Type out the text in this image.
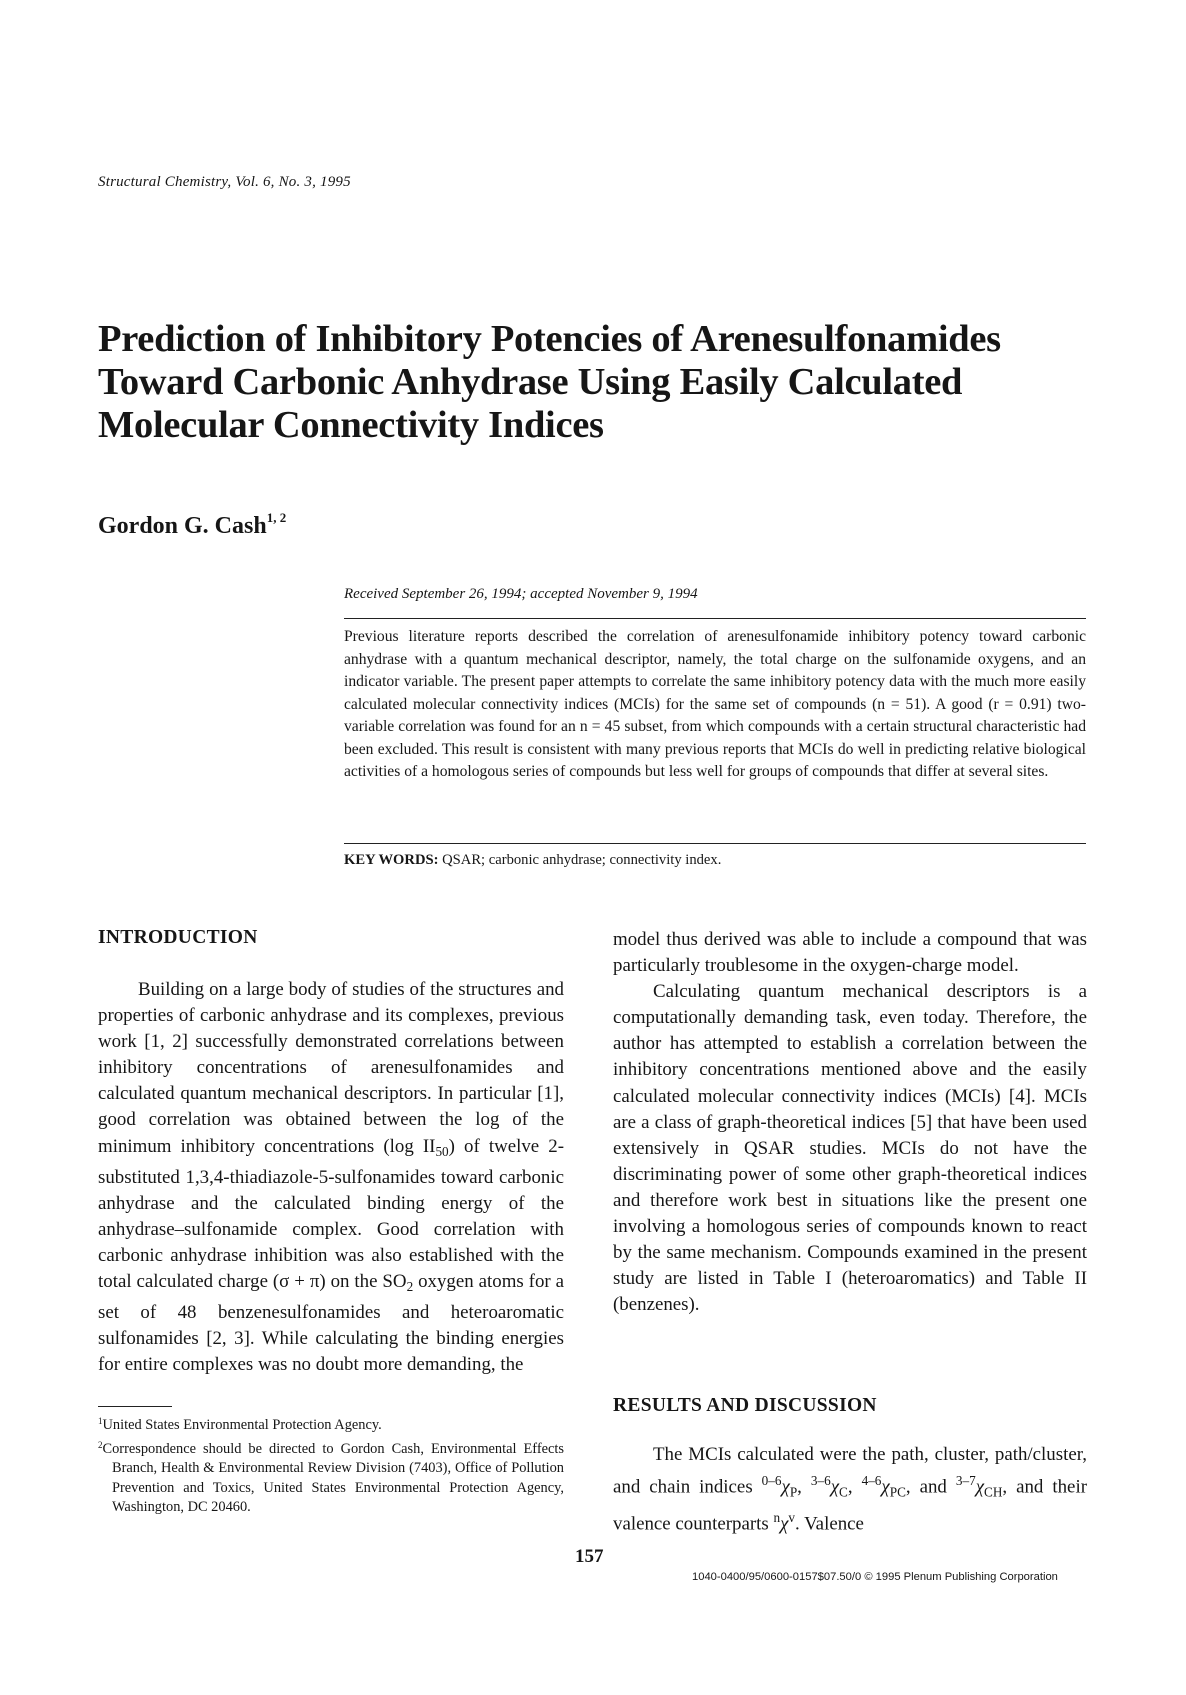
Structural Chemistry, Vol. 6, No. 3, 1995
Prediction of Inhibitory Potencies of Arenesulfonamides Toward Carbonic Anhydrase Using Easily Calculated Molecular Connectivity Indices
Gordon G. Cash$^{1, 2}$
Received September 26, 1994; accepted November 9, 1994

Previous literature reports described the correlation of arenesulfonamide inhibitory potency toward carbonic anhydrase with a quantum mechanical descriptor, namely, the total charge on the sulfonamide oxygens, and an indicator variable. The present paper attempts to correlate the same inhibitory potency data with the much more easily calculated molecular connectivity indices (MCIs) for the same set of compounds (n = 51). A good (r = 0.91) two-variable correlation was found for an n = 45 subset, from which compounds with a certain structural characteristic had been excluded. This result is consistent with many previous reports that MCIs do well in predicting relative biological activities of a homologous series of compounds but less well for groups of compounds that differ at several sites.

KEY WORDS: QSAR; carbonic anhydrase; connectivity index.
INTRODUCTION

Building on a large body of studies of the structures and properties of carbonic anhydrase and its complexes, previous work [1, 2] successfully demonstrated correlations between inhibitory concentrations of arenesulfonamides and calculated quantum mechanical descriptors. In particular [1], good correlation was obtained between the log of the minimum inhibitory concentrations (log $II_{50}$) of twelve 2-substituted 1,3,4-thiadiazole-5-sulfonamides toward carbonic anhydrase and the calculated binding energy of the anhydrase–sulfonamide complex. Good correlation with carbonic anhydrase inhibition was also established with the total calculated charge (σ + π) on the $SO_2$ oxygen atoms for a set of 48 benzenesulfonamides and heteroaromatic sulfonamides [2, 3]. While calculating the binding energies for entire complexes was no doubt more demanding, the

$^1$United States Environmental Protection Agency.

$^2$Correspondence should be directed to Gordon Cash, Environmental Effects Branch, Health & Environmental Review Division (7403), Office of Pollution Prevention and Toxics, United States Environmental Protection Agency, Washington, DC 20460.

model thus derived was able to include a compound that was particularly troublesome in the oxygen-charge model.

Calculating quantum mechanical descriptors is a computationally demanding task, even today. Therefore, the author has attempted to establish a correlation between the inhibitory concentrations mentioned above and the easily calculated molecular connectivity indices (MCIs) [4]. MCIs are a class of graph-theoretical indices [5] that have been used extensively in QSAR studies. MCIs do not have the discriminating power of some other graph-theoretical indices and therefore work best in situations like the present one involving a homologous series of compounds known to react by the same mechanism. Compounds examined in the present study are listed in Table I (heteroaromatics) and Table II (benzenes).

RESULTS AND DISCUSSION

The MCIs calculated were the path, cluster, path/cluster, and chain indices $^{0-6}\chi_P$, $^{3-6}\chi_C$, $^{4-6}\chi_{PC}$, and $^{3-7}\chi_{CH}$, and their valence counterparts $^n\chi^v$. Valence

157
1040-0400/95/0600-0157$07.50/0 © 1995 Plenum Publishing Corporation
